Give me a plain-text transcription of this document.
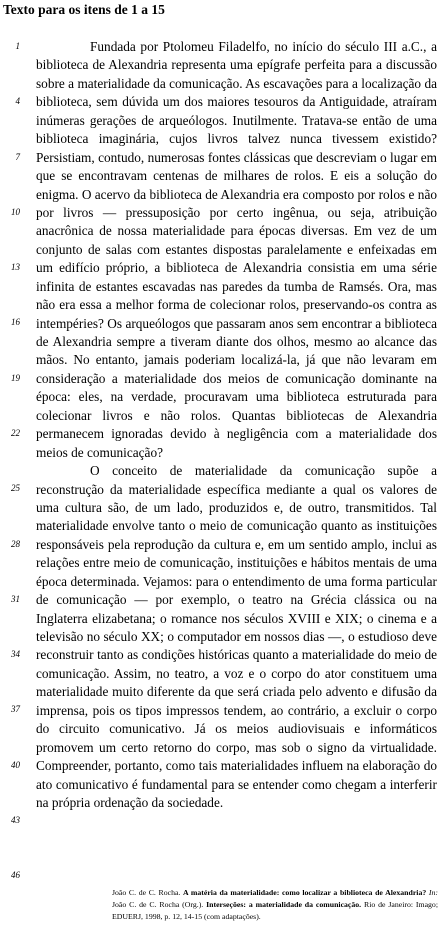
Texto para os itens de 1 a 15
1
4
7
10
13
16
19
22
25
28
31
34
37
40
43
46

Fundada por Ptolomeu Filadelfo, no início do século III a.C., a biblioteca de Alexandria representa uma epígrafe perfeita para a discussão sobre a materialidade da comunicação. As escavações para a localização da biblioteca, sem dúvida um dos maiores tesouros da Antiguidade, atraíram inúmeras gerações de arqueólogos. Inutilmente. Tratava-se então de uma biblioteca imaginária, cujos livros talvez nunca tivessem existido? Persistiam, contudo, numerosas fontes clássicas que descreviam o lugar em que se encontravam centenas de milhares de rolos. E eis a solução do enigma. O acervo da biblioteca de Alexandria era composto por rolos e não por livros — pressuposição por certo ingênua, ou seja, atribuição anacrônica de nossa materialidade para épocas diversas. Em vez de um conjunto de salas com estantes dispostas paralelamente e enfeixadas em um edifício próprio, a biblioteca de Alexandria consistia em uma série infinita de estantes escavadas nas paredes da tumba de Ramsés. Ora, mas não era essa a melhor forma de colecionar rolos, preservando-os contra as intempéries? Os arqueólogos que passaram anos sem encontrar a biblioteca de Alexandria sempre a tiveram diante dos olhos, mesmo ao alcance das mãos. No entanto, jamais poderiam localizá-la, já que não levaram em consideração a materialidade dos meios de comunicação dominante na época: eles, na verdade, procuravam uma biblioteca estruturada para colecionar livros e não rolos. Quantas bibliotecas de Alexandria permanecem ignoradas devido à negligência com a materialidade dos meios de comunicação?

O conceito de materialidade da comunicação supõe a reconstrução da materialidade específica mediante a qual os valores de uma cultura são, de um lado, produzidos e, de outro, transmitidos. Tal materialidade envolve tanto o meio de comunicação quanto as instituições responsáveis pela reprodução da cultura e, em um sentido amplo, inclui as relações entre meio de comunicação, instituições e hábitos mentais de uma época determinada. Vejamos: para o entendimento de uma forma particular de comunicação — por exemplo, o teatro na Grécia clássica ou na Inglaterra elizabetana; o romance nos séculos XVIII e XIX; o cinema e a televisão no século XX; o computador em nossos dias —, o estudioso deve reconstruir tanto as condições históricas quanto a materialidade do meio de comunicação. Assim, no teatro, a voz e o corpo do ator constituem uma materialidade muito diferente da que será criada pelo advento e difusão da imprensa, pois os tipos impressos tendem, ao contrário, a excluir o corpo do circuito comunicativo. Já os meios audiovisuais e informáticos promovem um certo retorno do corpo, mas sob o signo da virtualidade. Compreender, portanto, como tais materialidades influem na elaboração do ato comunicativo é fundamental para se entender como chegam a interferir na própria ordenação da sociedade.

João C. de C. Rocha. A matéria da materialidade: como localizar a biblioteca de Alexandria? In: João C. de C. Rocha (Org.). Interseções: a materialidade da comunicação. Rio de Janeiro: Imago; EDUERJ, 1998, p. 12, 14-15 (com adaptações).
